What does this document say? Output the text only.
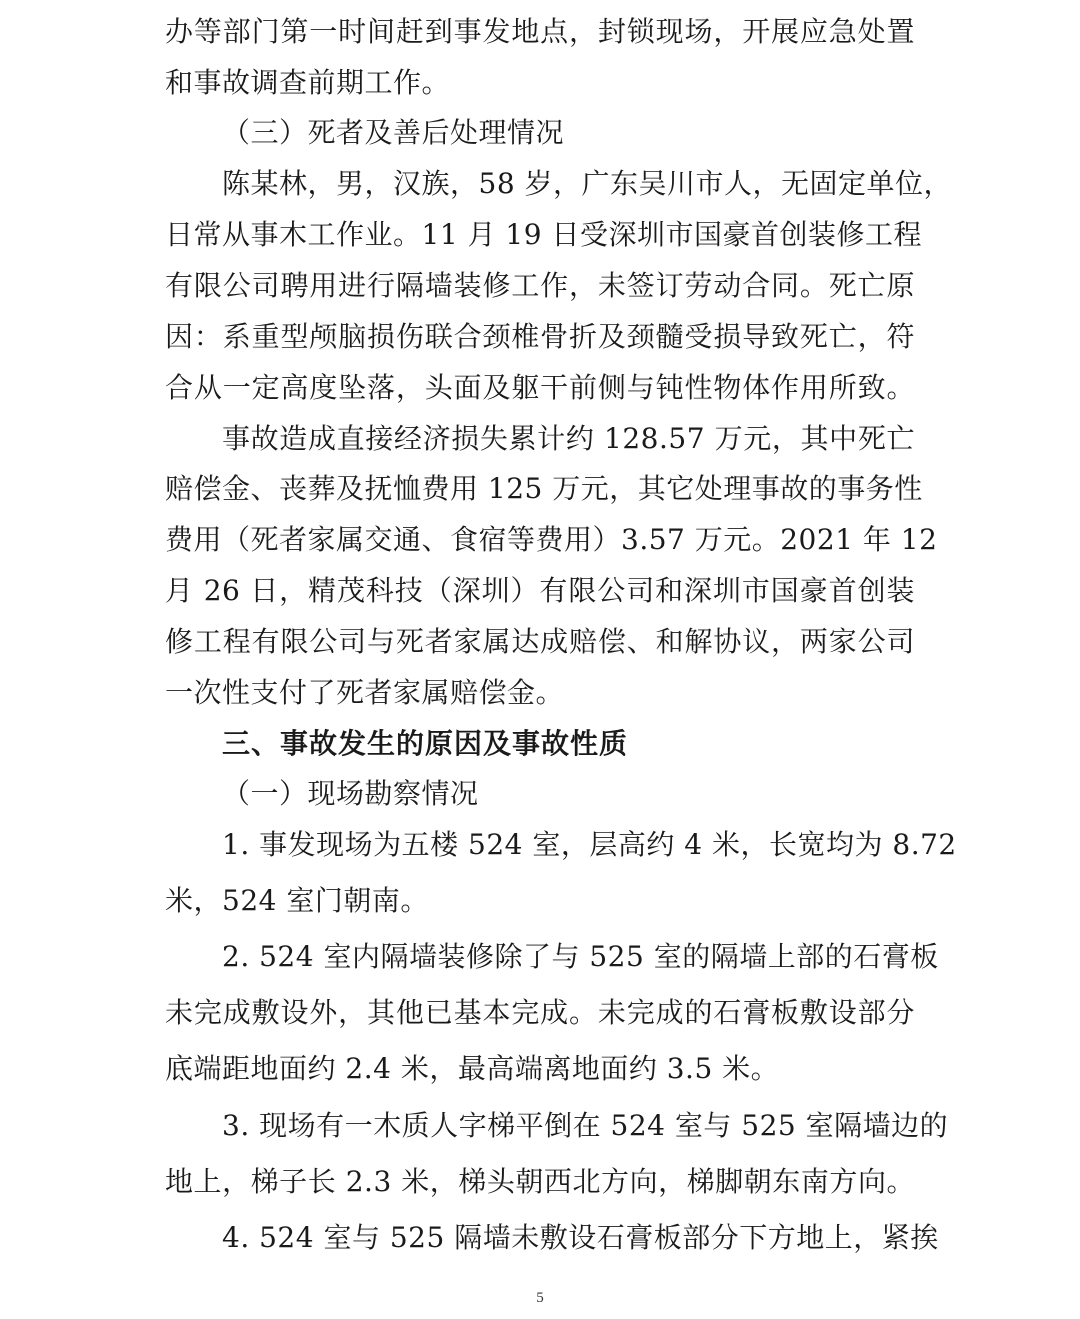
办等部门第一时间赶到事发地点，封锁现场，开展应急处置
和事故调查前期工作。
（三）死者及善后处理情况
陈某林，男，汉族，58 岁，广东吴川市人，无固定单位，
日常从事木工作业。11 月 19 日受深圳市国豪首创装修工程
有限公司聘用进行隔墙装修工作，未签订劳动合同。死亡原
因：系重型颅脑损伤联合颈椎骨折及颈髓受损导致死亡，符
合从一定高度坠落，头面及躯干前侧与钝性物体作用所致。
事故造成直接经济损失累计约 128.57 万元，其中死亡
赔偿金、丧葬及抚恤费用 125 万元，其它处理事故的事务性
费用（死者家属交通、食宿等费用）3.57 万元。2021 年 12
月 26 日，精茂科技（深圳）有限公司和深圳市国豪首创装
修工程有限公司与死者家属达成赔偿、和解协议，两家公司
一次性支付了死者家属赔偿金。
三、事故发生的原因及事故性质
（一）现场勘察情况
1. 事发现场为五楼 524 室，层高约 4 米，长宽均为 8.72
米，524 室门朝南。
2. 524 室内隔墙装修除了与 525 室的隔墙上部的石膏板
未完成敷设外，其他已基本完成。未完成的石膏板敷设部分
底端距地面约 2.4 米，最高端离地面约 3.5 米。
3. 现场有一木质人字梯平倒在 524 室与 525 室隔墙边的
地上，梯子长 2.3 米，梯头朝西北方向，梯脚朝东南方向。
4. 524 室与 525 隔墙未敷设石膏板部分下方地上，紧挨
5
